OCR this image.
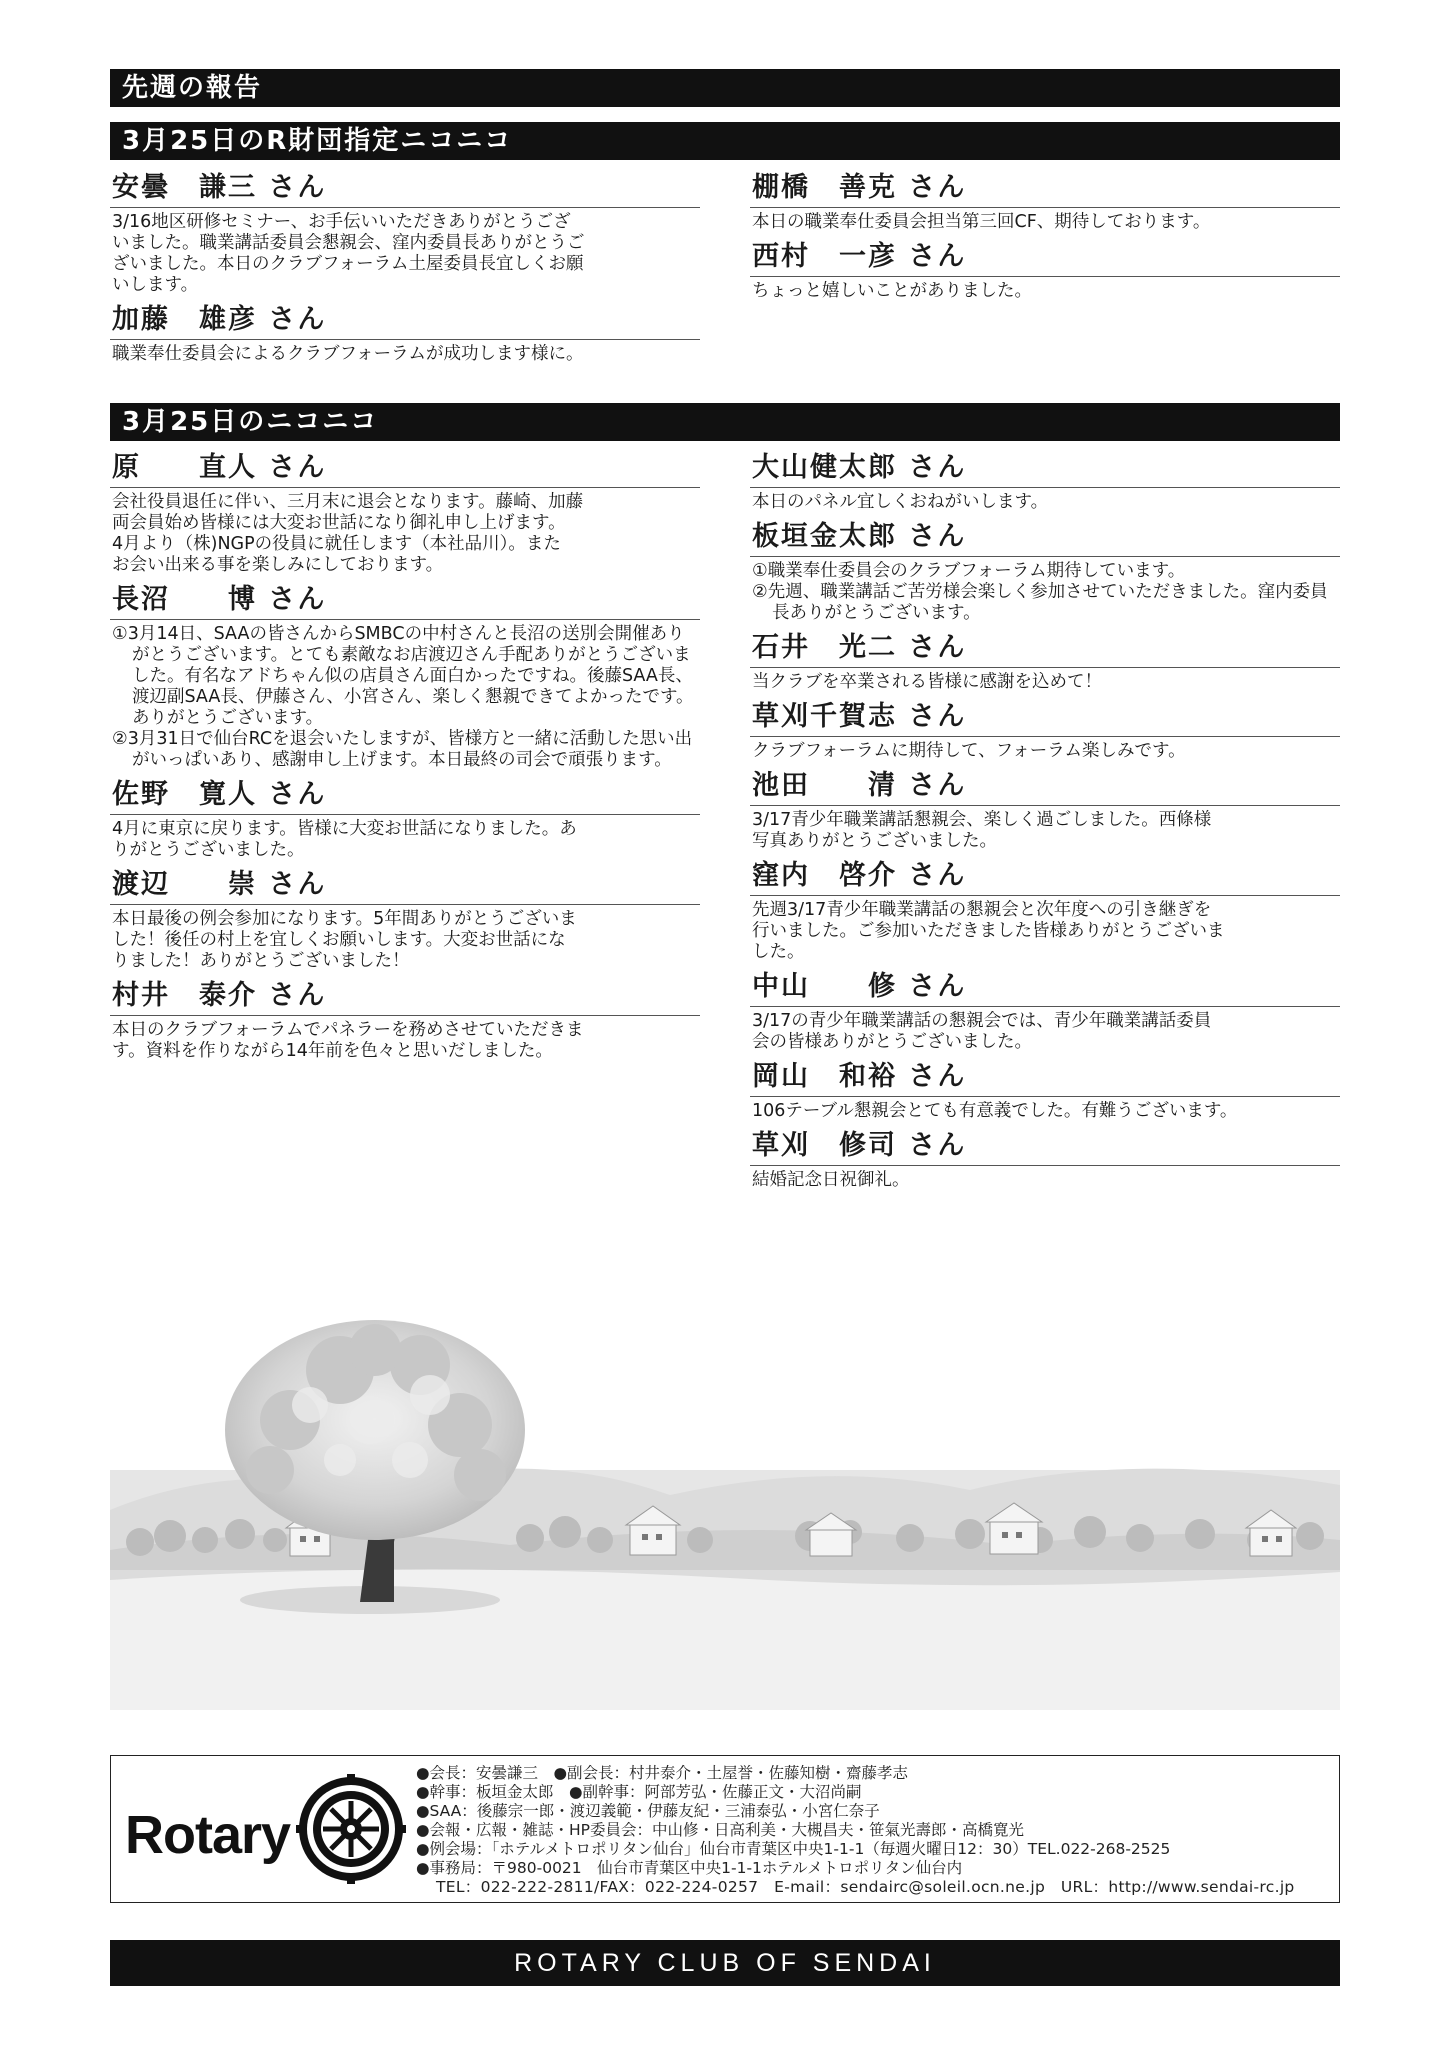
先週の報告
3月25日のR財団指定ニコニコ
安曇　謙三 さん

3/16地区研修セミナー、お手伝いいただきありがとうござ

いました。職業講話委員会懇親会、窪内委員長ありがとうご

ざいました。本日のクラブフォーラム土屋委員長宜しくお願

いします。

加藤　雄彦 さん

職業奉仕委員会によるクラブフォーラムが成功します様に。

棚橋　善克 さん

本日の職業奉仕委員会担当第三回CF、期待しております。

西村　一彦 さん

ちょっと嬉しいことがありました。

3月25日のニコニコ
原　　直人 さん

会社役員退任に伴い、三月末に退会となります。藤崎、加藤

両会員始め皆様には大変お世話になり御礼申し上げます。

4月より（株)NGPの役員に就任します（本社品川）。また

お会い出来る事を楽しみにしております。

長沼　　博 さん

①3月14日、SAAの皆さんからSMBCの中村さんと長沼の送別会開催ありがとうございます。とても素敵なお店渡辺さん手配ありがとうございました。有名なアドちゃん似の店員さん面白かったですね。後藤SAA長、渡辺副SAA長、伊藤さん、小宮さん、楽しく懇親できてよかったです。ありがとうございます。

②3月31日で仙台RCを退会いたしますが、皆様方と一緒に活動した思い出がいっぱいあり、感謝申し上げます。本日最終の司会で頑張ります。

佐野　寛人 さん

4月に東京に戻ります。皆様に大変お世話になりました。あ

りがとうございました。

渡辺　　崇 さん

本日最後の例会参加になります。5年間ありがとうございま

した！後任の村上を宜しくお願いします。大変お世話にな

りました！ありがとうございました！

村井　泰介 さん

本日のクラブフォーラムでパネラーを務めさせていただきま

す。資料を作りながら14年前を色々と思いだしました。

大山健太郎 さん

本日のパネル宜しくおねがいします。

板垣金太郎 さん

①職業奉仕委員会のクラブフォーラム期待しています。

②先週、職業講話ご苦労様会楽しく参加させていただきました。窪内委員長ありがとうございます。

石井　光二 さん

当クラブを卒業される皆様に感謝を込めて！

草刈千賀志 さん

クラブフォーラムに期待して、フォーラム楽しみです。

池田　　清 さん

3/17青少年職業講話懇親会、楽しく過ごしました。西條様

写真ありがとうございました。

窪内　啓介 さん

先週3/17青少年職業講話の懇親会と次年度への引き継ぎを

行いました。ご参加いただきました皆様ありがとうございま

した。

中山　　修 さん

3/17の青少年職業講話の懇親会では、青少年職業講話委員

会の皆様ありがとうございました。

岡山　和裕 さん

106テーブル懇親会とても有意義でした。有難うございます。

草刈　修司 さん

結婚記念日祝御礼。

Rotary
●会長：安曇謙三　●副会長：村井泰介・土屋誉・佐藤知樹・齋藤孝志
●幹事：板垣金太郎　●副幹事：阿部芳弘・佐藤正文・大沼尚嗣
●SAA：後藤宗一郎・渡辺義範・伊藤友紀・三浦泰弘・小宮仁奈子
●会報・広報・雑誌・HP委員会：中山修・日高利美・大槻昌夫・笹氣光壽郎・高橋寛光
●例会場：「ホテルメトロポリタン仙台」仙台市青葉区中央1-1-1（毎週火曜日12：30）TEL.022-268-2525
●事務局：〒980-0021　仙台市青葉区中央1-1-1ホテルメトロポリタン仙台内
TEL：022-222-2811/FAX：022-224-0257　E-mail：sendairc@soleil.ocn.ne.jp　URL：http://www.sendai-rc.jp
ROTARY CLUB OF SENDAI
